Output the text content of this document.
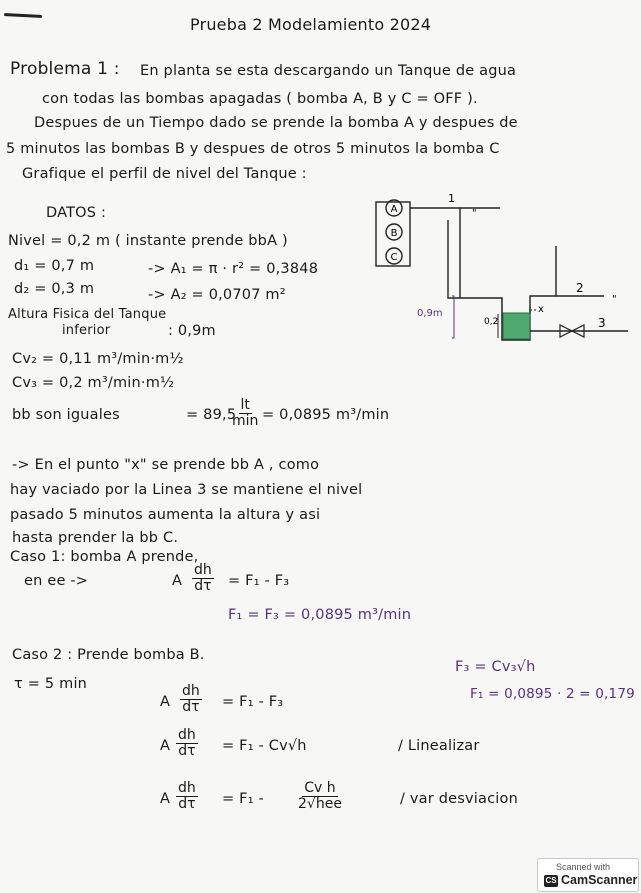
Prueba 2 Modelamiento 2024
Problema 1 : En planta se esta descargando un Tanque de agua
con todas las bombas apagadas ( bomba A, B y C = OFF ).
Despues de un Tiempo dado se prende la bomba A y despues de
5 minutos las bombas B y despues de otros 5 minutos la bomba C
Grafique el perfil de nivel del Tanque :
DATOS :
Nivel = 0,2 m ( instante prende bbA )
d₁ = 0,7 m	-> A₁ = π · r² = 0,3848
d₂ = 0,3 m	-> A₂ = 0,0707 m²
Altura Fisica del Tanque
inferior	: 0,9m
Cv₂ = 0,11 m³/min·m½
Cv₃ = 0,2 m³/min·m½
bb son iguales	= 89,5
lt
min = 0,0895 m³/min
A
B
C
1
"
0,2
x
0,9m
2
"
3
-> En el punto "x" se prende bb A , como
hay vaciado por la Linea 3 se mantiene el nivel
pasado 5 minutos aumenta la altura y asi
hasta prender la bb C.
Caso 1: bomba A prende,
en ee ->	A $\frac{dh}{d\tau} = F_1 - F_3$
F₁ = F₃ = 0,0895 m³/min
Caso 2 : Prende bomba B.
τ = 5 min
F₃ = Cv₃√h
F₁ = 0,0895 · 2 = 0,179
A $\frac{dh}{d\tau} = F_1 - F_3$
A $\frac{dh}{d\tau} = F_1 - Cv√h$	/ Linealizar
A $\frac{dh}{d\tau} = F_1$ -
Cv h
2√hee	/ var desviacion
Scanned with
CS CamScanner
